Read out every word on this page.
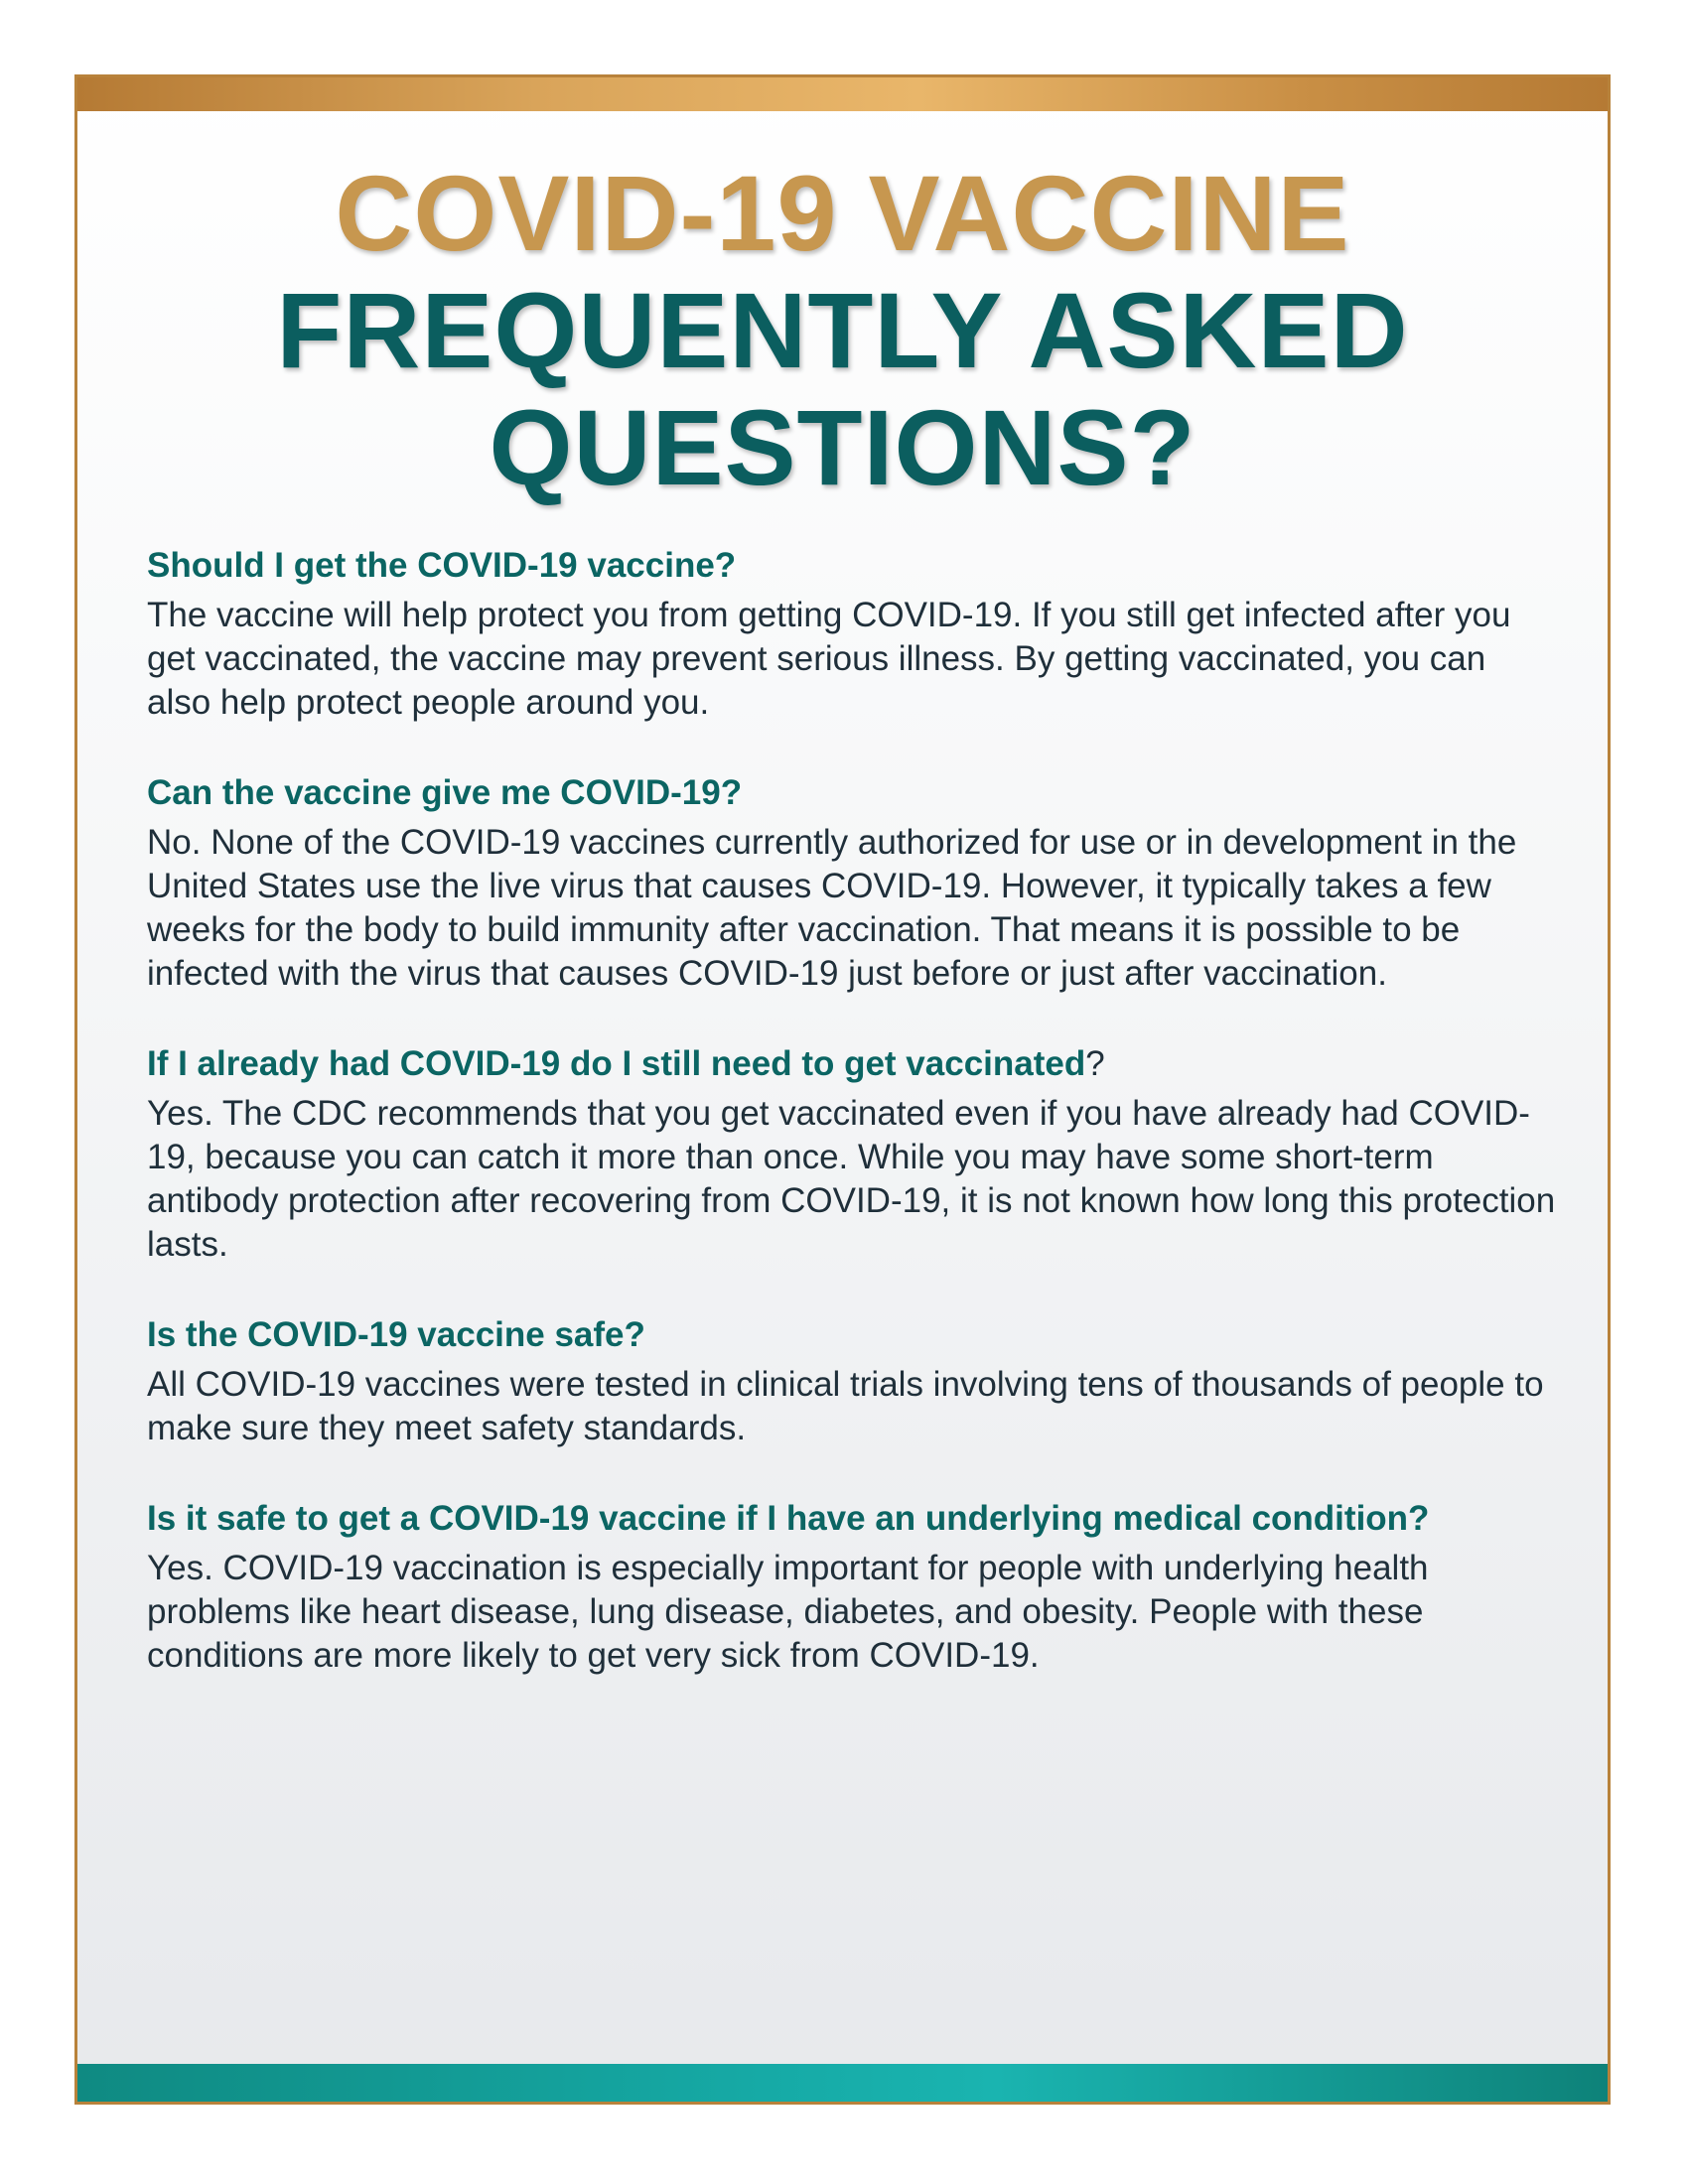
COVID-19 VACCINE
FREQUENTLY ASKED
QUESTIONS?

Should I get the COVID-19 vaccine?

The vaccine will help protect you from getting COVID-19. If you still get infected after you get vaccinated, the vaccine may prevent serious illness. By getting vaccinated, you can also help protect people around you.

Can the vaccine give me COVID-19?

No. None of the COVID-19 vaccines currently authorized for use or in development in the United States use the live virus that causes COVID-19. However, it typically takes a few weeks for the body to build immunity after vaccination. That means it is possible to be infected with the virus that causes COVID-19 just before or just after vaccination.

If I already had COVID-19 do I still need to get vaccinated?

Yes. The CDC recommends that you get vaccinated even if you have already had COVID-19, because you can catch it more than once. While you may have some short-term antibody protection after recovering from COVID-19, it is not known how long this protection lasts.

Is the COVID-19 vaccine safe?

All COVID-19 vaccines were tested in clinical trials involving tens of thousands of people to make sure they meet safety standards.

Is it safe to get a COVID-19 vaccine if I have an underlying medical condition?

Yes. COVID-19 vaccination is especially important for people with underlying health problems like heart disease, lung disease, diabetes, and obesity. People with these conditions are more likely to get very sick from COVID-19.
